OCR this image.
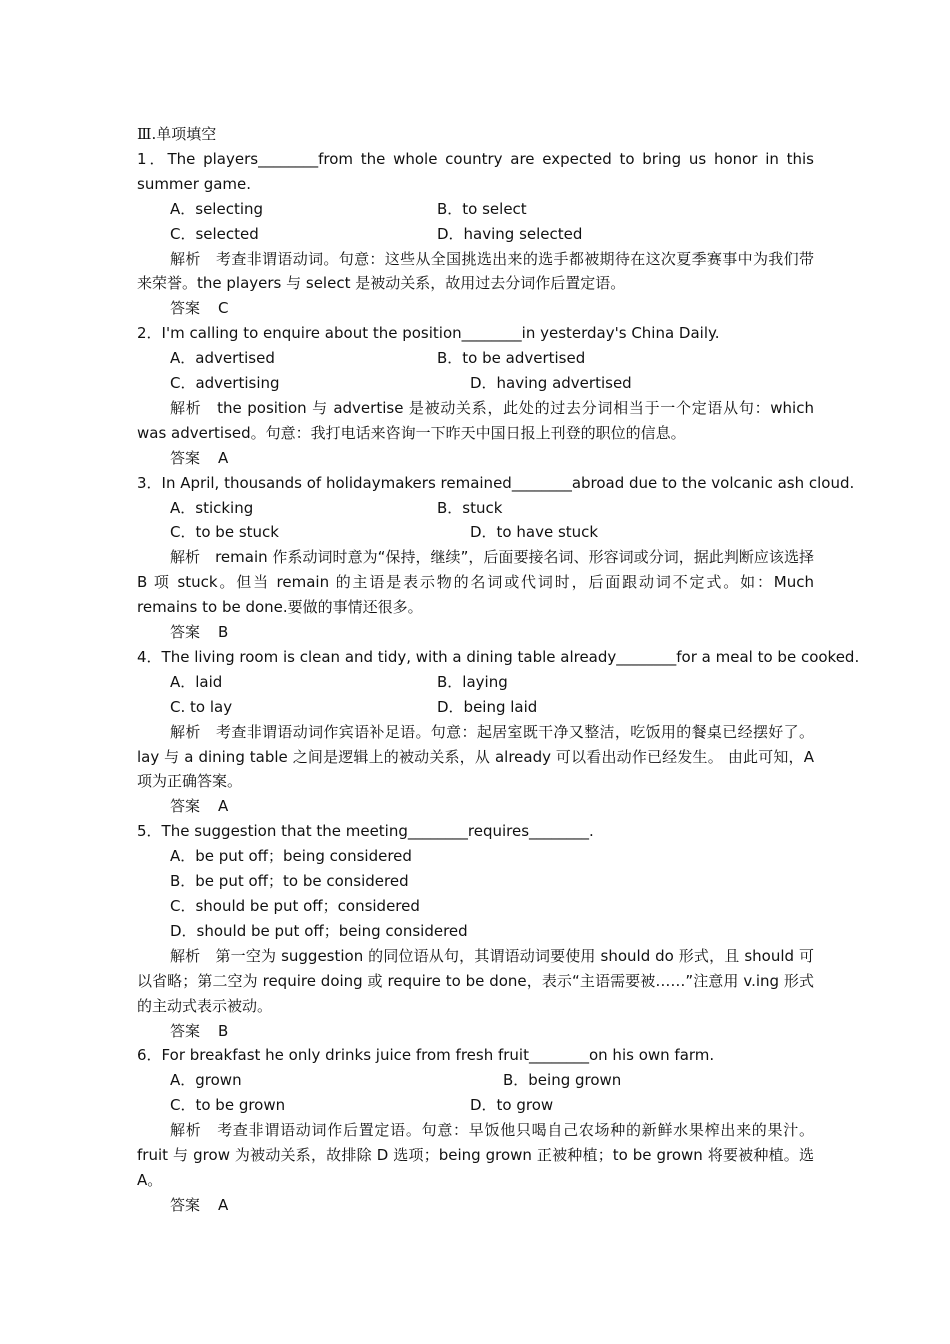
Ⅲ.单项填空
1．The players________from the whole country are expected to bring us honor in this summer game.
A．selecting	B．to select
C．selected	D．having selected
解析　 考查非谓语动词。句意：这些从全国挑选出来的选手都被期待在这次夏季赛事中为我们带来荣誉。the players 与 select 是被动关系，故用过去分词作后置定语。
答案 C
2．I'm calling to enquire about the position________in yesterday's China Daily.
A．advertised	B．to be advertised
C．advertising	D．having advertised
解析　 the position 与 advertise 是被动关系，此处的过去分词相当于一个定语从句：which was advertised。句意：我打电话来咨询一下昨天中国日报上刊登的职位的信息。
答案 A
3．In April, thousands of holidaymakers remained________abroad due to the volcanic ash cloud.
A．sticking	B．stuck
C．to be stuck	D．to have stuck
解析　 remain 作系动词时意为“保持，继续”，后面要接名词、形容词或分词，据此判断应该选择 B 项 stuck。但当 remain 的主语是表示物的名词或代词时，后面跟动词不定式。如：Much remains to be done.要做的事情还很多。
答案 B
4．The living room is clean and tidy, with a dining table already________for a meal to be cooked.
A．laid	B．laying
C. to lay	D．being laid
解析　 考查非谓语动词作宾语补足语。句意：起居室既干净又整洁，吃饭用的餐桌已经摆好了。lay 与 a dining table 之间是逻辑上的被动关系，从 already 可以看出动作已经发生。 由此可知，A 项为正确答案。
答案 A
5．The suggestion that the meeting________requires________.
A．be put off；being considered
B．be put off；to be considered
C．should be put off；considered
D．should be put off；being considered
解析　 第一空为 suggestion 的同位语从句，其谓语动词要使用 should do 形式，且 should 可以省略；第二空为 require doing 或 require to be done，表示“主语需要被……”注意用 v.ing 形式的主动式表示被动。
答案 B
6．For breakfast he only drinks juice from fresh fruit________on his own farm.
A．grown	B．being grown
C．to be grown	D．to grow
解析　 考查非谓语动词作后置定语。句意：早饭他只喝自己农场种的新鲜水果榨出来的果汁。fruit 与 grow 为被动关系，故排除 D 选项；being grown 正被种植；to be grown 将要被种植。选 A。
答案 A
